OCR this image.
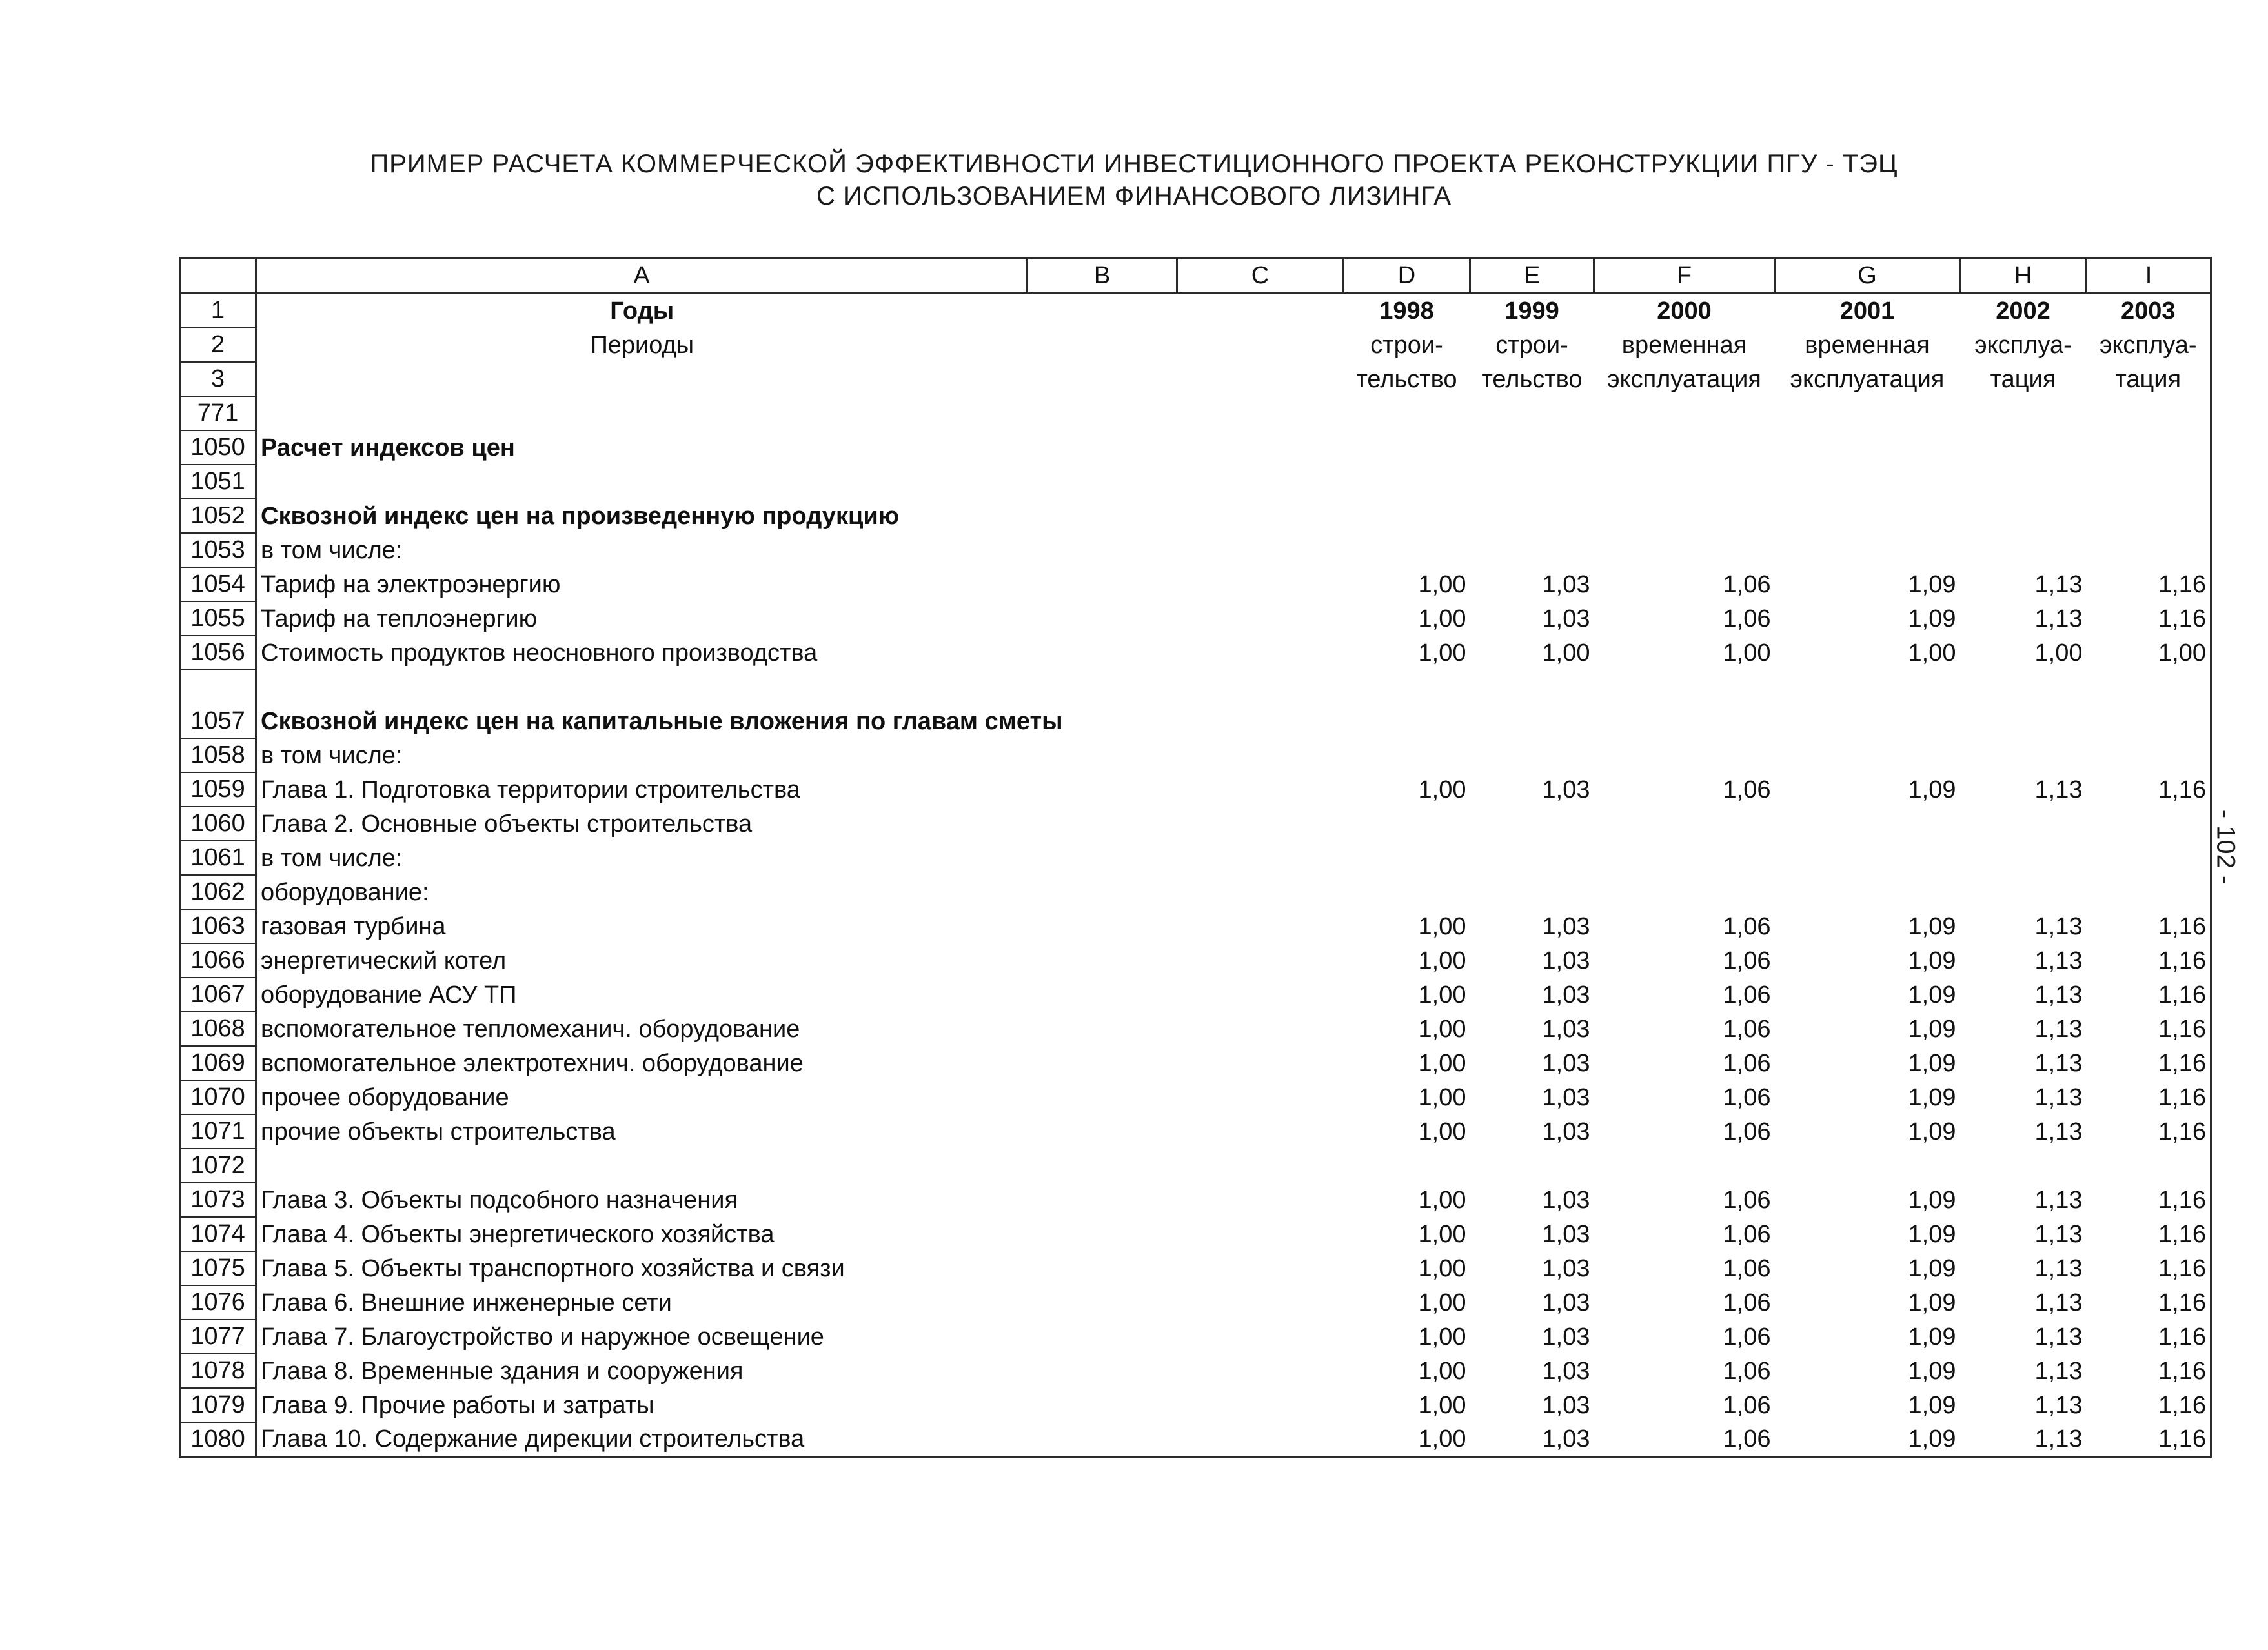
ПРИМЕР РАСЧЕТА КОММЕРЧЕСКОЙ ЭФФЕКТИВНОСТИ ИНВЕСТИЦИОННОГО ПРОЕКТА РЕКОНСТРУКЦИИ ПГУ - ТЭЦ
С ИСПОЛЬЗОВАНИЕМ ФИНАНСОВОГО ЛИЗИНГА
- 102 -
	A	B	C	D	E	F	G	H	I
1	Годы			1998	1999	2000	2001	2002	2003
2	Периоды			строи-	строи-	временная	временная	эксплуа-	эксплуа-
3				тельство	тельство	эксплуатация	эксплуатация	тация	тация
771									
1050	Расчет индексов цен								
1051									
1052	Сквозной индекс цен на произведенную продукцию								
1053	в том числе:								
1054	Тариф на электроэнергию			1,00	1,03	1,06	1,09	1,13	1,16
1055	Тариф на теплоэнергию			1,00	1,03	1,06	1,09	1,13	1,16
1056	Стоимость продуктов неосновного производства			1,00	1,00	1,00	1,00	1,00	1,00
1057	Сквозной индекс цен на капитальные вложения по главам сметы								
1058	в том числе:								
1059	Глава 1. Подготовка территории строительства			1,00	1,03	1,06	1,09	1,13	1,16
1060	Глава 2. Основные объекты строительства								
1061	в том числе:								
1062	оборудование:								
1063	газовая турбина			1,00	1,03	1,06	1,09	1,13	1,16
1066	энергетический котел			1,00	1,03	1,06	1,09	1,13	1,16
1067	оборудование АСУ ТП			1,00	1,03	1,06	1,09	1,13	1,16
1068	вспомогательное тепломеханич. оборудование			1,00	1,03	1,06	1,09	1,13	1,16
1069	вспомогательное электротехнич. оборудование			1,00	1,03	1,06	1,09	1,13	1,16
1070	прочее оборудование			1,00	1,03	1,06	1,09	1,13	1,16
1071	прочие объекты строительства			1,00	1,03	1,06	1,09	1,13	1,16
1072									
1073	Глава 3. Объекты подсобного назначения			1,00	1,03	1,06	1,09	1,13	1,16
1074	Глава 4. Объекты энергетического хозяйства			1,00	1,03	1,06	1,09	1,13	1,16
1075	Глава 5. Объекты транспортного хозяйства и связи			1,00	1,03	1,06	1,09	1,13	1,16
1076	Глава 6. Внешние инженерные сети			1,00	1,03	1,06	1,09	1,13	1,16
1077	Глава 7. Благоустройство и наружное освещение			1,00	1,03	1,06	1,09	1,13	1,16
1078	Глава 8. Временные здания и сооружения			1,00	1,03	1,06	1,09	1,13	1,16
1079	Глава 9. Прочие работы и затраты			1,00	1,03	1,06	1,09	1,13	1,16
1080	Глава 10. Содержание дирекции строительства			1,00	1,03	1,06	1,09	1,13	1,16
